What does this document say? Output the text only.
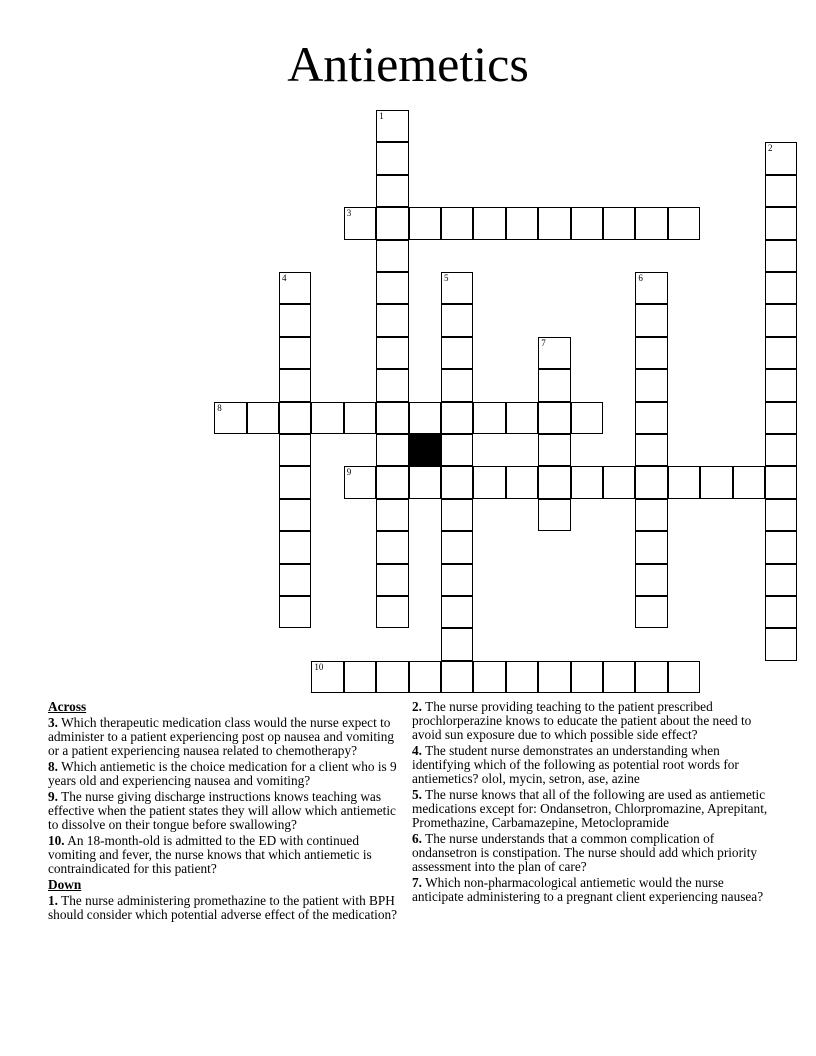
Antiemetics
1
2
3
4	5	6
7
8
9
10
Across
3. Which therapeutic medication class would the nurse expect to administer to a patient experiencing post op nausea and vomiting or a patient experiencing nausea related to chemotherapy?
8. Which antiemetic is the choice medication for a client who is 9 years old and experiencing nausea and vomiting?
9. The nurse giving discharge instructions knows teaching was effective when the patient states they will allow which antiemetic to dissolve on their tongue before swallowing?
10. An 18-month-old is admitted to the ED with continued vomiting and fever, the nurse knows that which antiemetic is contraindicated for this patient?
Down
1. The nurse administering promethazine to the patient with BPH should consider which potential adverse effect of the medication?
2. The nurse providing teaching to the patient prescribed prochlorperazine knows to educate the patient about the need to avoid sun exposure due to which possible side effect?
4. The student nurse demonstrates an understanding when identifying which of the following as potential root words for antiemetics? olol, mycin, setron, ase, azine
5. The nurse knows that all of the following are used as antiemetic medications except for: Ondansetron, Chlorpromazine, Aprepitant, Promethazine, Carbamazepine, Metoclopramide
6. The nurse understands that a common complication of ondansetron is constipation. The nurse should add which priority assessment into the plan of care?
7. Which non-pharmacological antiemetic would the nurse anticipate administering to a pregnant client experiencing nausea?
